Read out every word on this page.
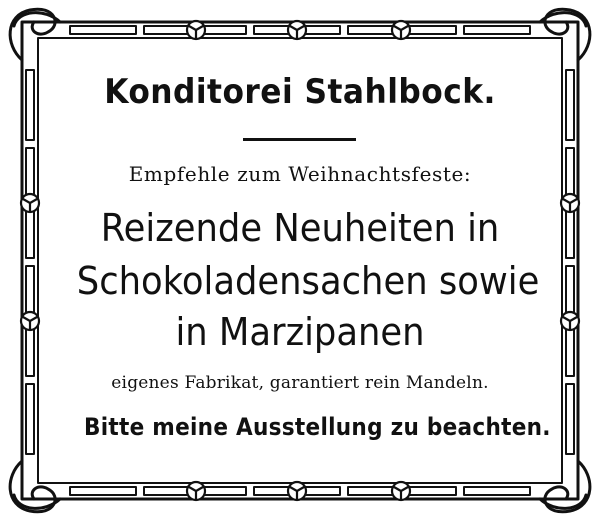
Konditorei Stahlbock.
Empfehle zum Weihnachtsfeste:
Reizende Neuheiten in
Schokoladensachen sowie
in Marzipanen
eigenes Fabrikat, garantiert rein Mandeln.
Bitte meine Ausstellung zu beachten.
